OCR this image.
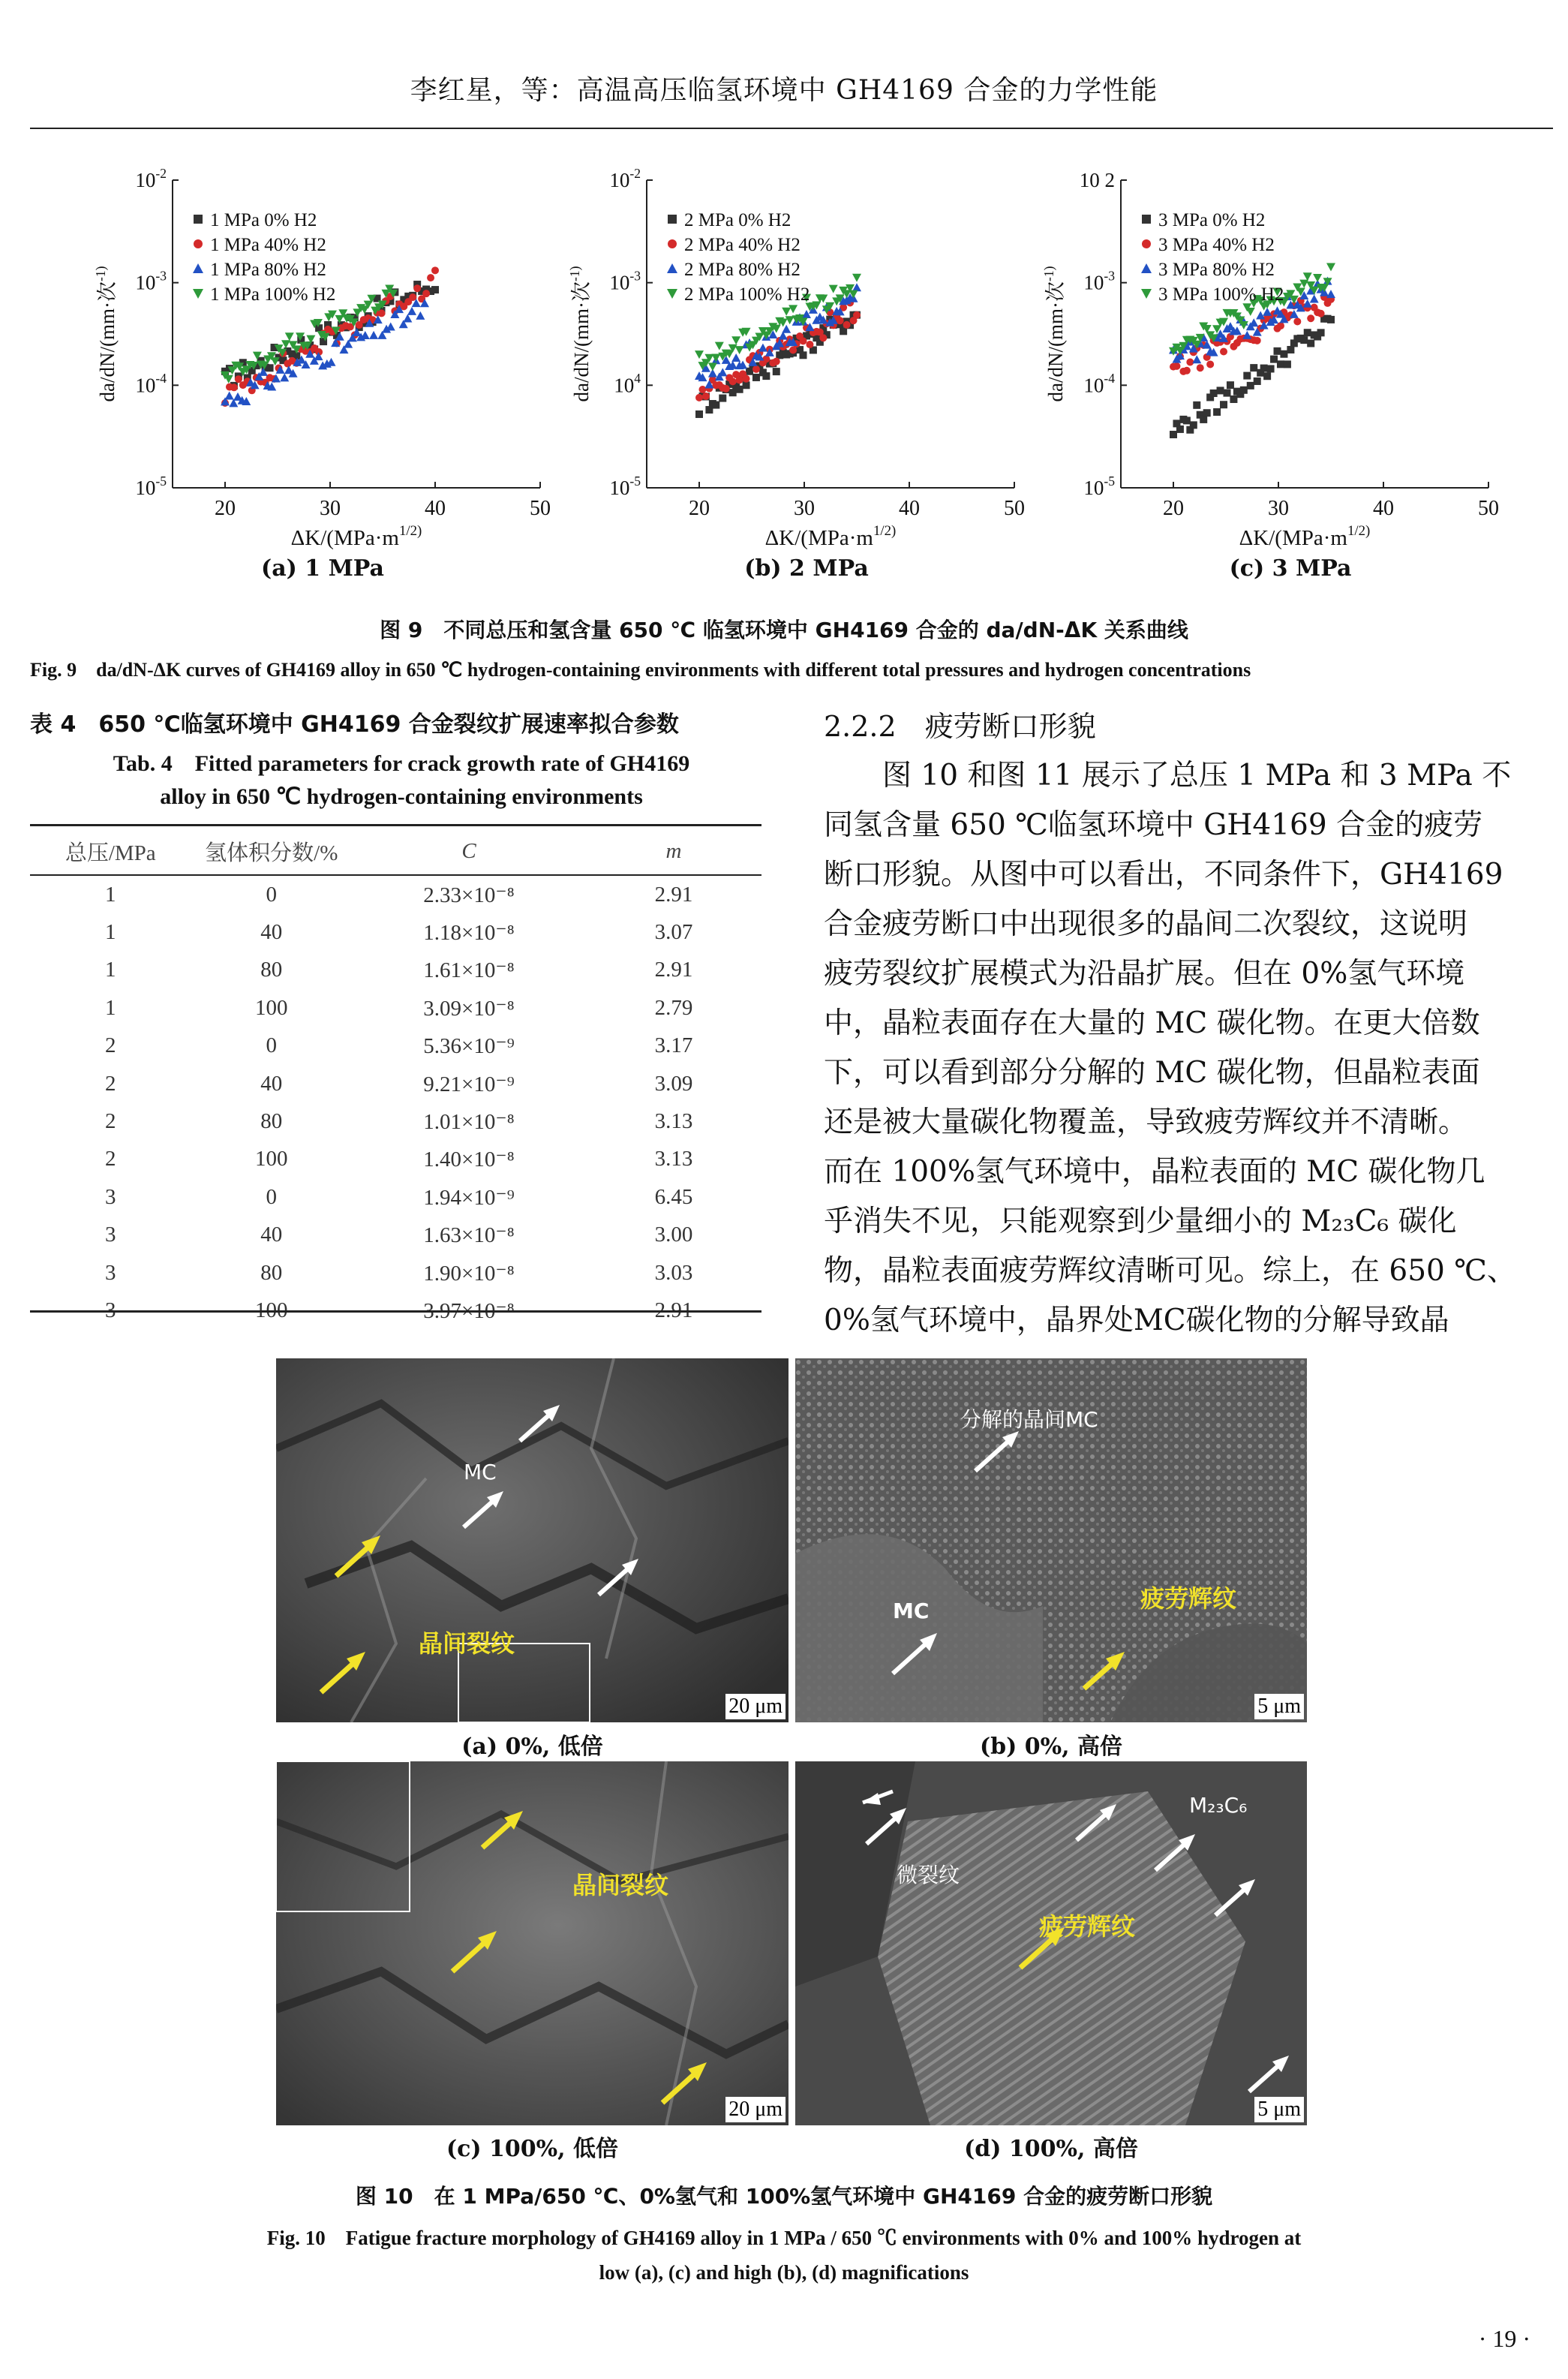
李红星，等：高温高压临氢环境中 GH4169 合金的力学性能
20	30	40	50
$10^{-5}$
$10^{-4}$
$10^{-3}$
$10^{-2}$
$\Delta K/(MPa\cdot m^{1/2)}$
da/dN/(mm·次$^{-1)}$
1 MPa 0% H2
1 MPa 40% H2
1 MPa 80% H2
1 MPa 100% H2
20	30	40	50
$10^{-5}$
$10^4$
$10^{-3}$
$10^{-2}$
$\Delta K/(MPa\cdot m^{1/2)}$
da/dN/(mm·次$^{-1)}$
2 MPa 0% H2
2 MPa 40% H2
2 MPa 80% H2
2 MPa 100% H2
20	30	40	50
$10^{-5}$
$10^{-4}$
$10^{-3}$
10 2
$\Delta K/(MPa\cdot m^{1/2)}$
da/dN/(mm·次$^{-1)}$
3 MPa 0% H2
3 MPa 40% H2
3 MPa 80% H2
3 MPa 100% H2
(a) 1 MPa	(b) 2 MPa	(c) 3 MPa
图 9　不同总压和氢含量 650 ℃ 临氢环境中 GH4169 合金的 da/dN-ΔK 关系曲线
Fig. 9　da/dN-ΔK curves of GH4169 alloy in 650 ℃ hydrogen-containing environments with different total pressures and hydrogen concentrations
表 4　650 ℃临氢环境中 GH4169 合金裂纹扩展速率拟合参数
Tab. 4　Fitted parameters for crack growth rate of GH4169
alloy in 650 ℃ hydrogen-containing environments
总压/MPa	氢体积分数/%	C	m
1	0	2.33×10⁻⁸	2.91
1	40	1.18×10⁻⁸	3.07
1	80	1.61×10⁻⁸	2.91
1	100	3.09×10⁻⁸	2.79
2	0	5.36×10⁻⁹	3.17
2	40	9.21×10⁻⁹	3.09
2	80	1.01×10⁻⁸	3.13
2	100	1.40×10⁻⁸	3.13
3	0	1.94×10⁻⁹	6.45
3	40	1.63×10⁻⁸	3.00
3	80	1.90×10⁻⁸	3.03
3	100	3.97×10⁻⁸	2.91
2.2.2　疲劳断口形貌
　　图 10 和图 11 展示了总压 1 MPa 和 3 MPa 不
同氢含量 650 ℃临氢环境中 GH4169 合金的疲劳
断口形貌。从图中可以看出，不同条件下，GH4169
合金疲劳断口中出现很多的晶间二次裂纹，这说明
疲劳裂纹扩展模式为沿晶扩展。但在 0%氢气环境
中，晶粒表面存在大量的 MC 碳化物。在更大倍数
下，可以看到部分分解的 MC 碳化物，但晶粒表面
还是被大量碳化物覆盖，导致疲劳辉纹并不清晰。
而在 100%氢气环境中，晶粒表面的 MC 碳化物几
乎消失不见，只能观察到少量细小的 M₂₃C₆ 碳化
物，晶粒表面疲劳辉纹清晰可见。综上，在 650 ℃、
0%氢气环境中，晶界处MC碳化物的分解导致晶
MC
晶间裂纹
20 μm
分解的晶间MC
MC	疲劳辉纹
5 μm
(a) 0%, 低倍	(b) 0%, 高倍
晶间裂纹
20 μm
M₂₃C₆
微裂纹
疲劳辉纹
5 μm
(c) 100%, 低倍	(d) 100%, 高倍
图 10　在 1 MPa/650 ℃、0%氢气和 100%氢气环境中 GH4169 合金的疲劳断口形貌
Fig. 10　Fatigue fracture morphology of GH4169 alloy in 1 MPa / 650 ℃ environments with 0% and 100% hydrogen at
low (a), (c) and high (b), (d) magnifications
· 19 ·
